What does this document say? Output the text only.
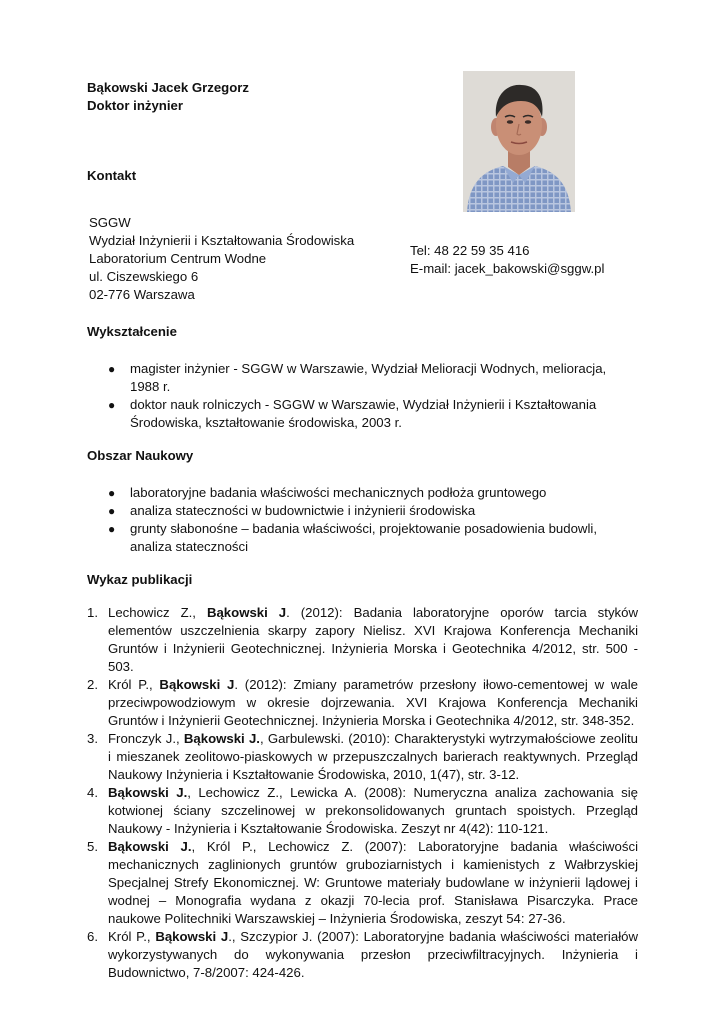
Bąkowski Jacek Grzegorz
Doktor inżynier
Kontakt
SGGW
Wydział Inżynierii i Kształtowania Środowiska
Laboratorium Centrum Wodne
ul. Ciszewskiego 6
02-776 Warszawa
Tel: 48 22 59 35 416
E-mail: jacek_bakowski@sggw.pl
Wykształcenie
● magister inżynier - SGGW w Warszawie, Wydział Melioracji Wodnych, melioracja, 1988 r.
● doktor nauk rolniczych - SGGW w Warszawie, Wydział Inżynierii i Kształtowania Środowiska, kształtowanie środowiska, 2003 r.
Obszar Naukowy
● laboratoryjne badania właściwości mechanicznych podłoża gruntowego
● analiza stateczności w budownictwie i inżynierii środowiska
● grunty słabonośne – badania właściwości, projektowanie posadowienia budowli, analiza stateczności
Wykaz publikacji
1. Lechowicz Z., Bąkowski J. (2012): Badania laboratoryjne oporów tarcia styków elementów uszczelnienia skarpy zapory Nielisz. XVI Krajowa Konferencja Mechaniki Gruntów i Inżynierii Geotechnicznej. Inżynieria Morska i Geotechnika 4/2012, str. 500 - 503.
2. Król P., Bąkowski J. (2012): Zmiany parametrów przesłony iłowo-cementowej w wale przeciwpowodziowym w okresie dojrzewania. XVI Krajowa Konferencja Mechaniki Gruntów i Inżynierii Geotechnicznej. Inżynieria Morska i Geotechnika 4/2012, str. 348-352.
3. Fronczyk J., Bąkowski J., Garbulewski. (2010): Charakterystyki wytrzymałościowe zeolitu i mieszanek zeolitowo-piaskowych w przepuszczalnych barierach reaktywnych. Przegląd Naukowy Inżynieria i Kształtowanie Środowiska, 2010, 1(47), str. 3-12.
4. Bąkowski J., Lechowicz Z., Lewicka A. (2008): Numeryczna analiza zachowania się kotwionej ściany szczelinowej w prekonsolidowanych gruntach spoistych. Przegląd Naukowy - Inżynieria i Kształtowanie Środowiska. Zeszyt nr 4(42): 110-121.
5. Bąkowski J., Król P., Lechowicz Z. (2007): Laboratoryjne badania właściwości mechanicznych zaglinionych gruntów gruboziarnistych i kamienistych z Wałbrzyskiej Specjalnej Strefy Ekonomicznej. W: Gruntowe materiały budowlane w inżynierii lądowej i wodnej – Monografia wydana z okazji 70-lecia prof. Stanisława Pisarczyka. Prace naukowe Politechniki Warszawskiej – Inżynieria Środowiska, zeszyt 54: 27-36.
6. Król P., Bąkowski J., Szczypior J. (2007): Laboratoryjne badania właściwości materiałów wykorzystywanych do wykonywania przesłon przeciwfiltracyjnych. Inżynieria i Budownictwo, 7-8/2007: 424-426.
